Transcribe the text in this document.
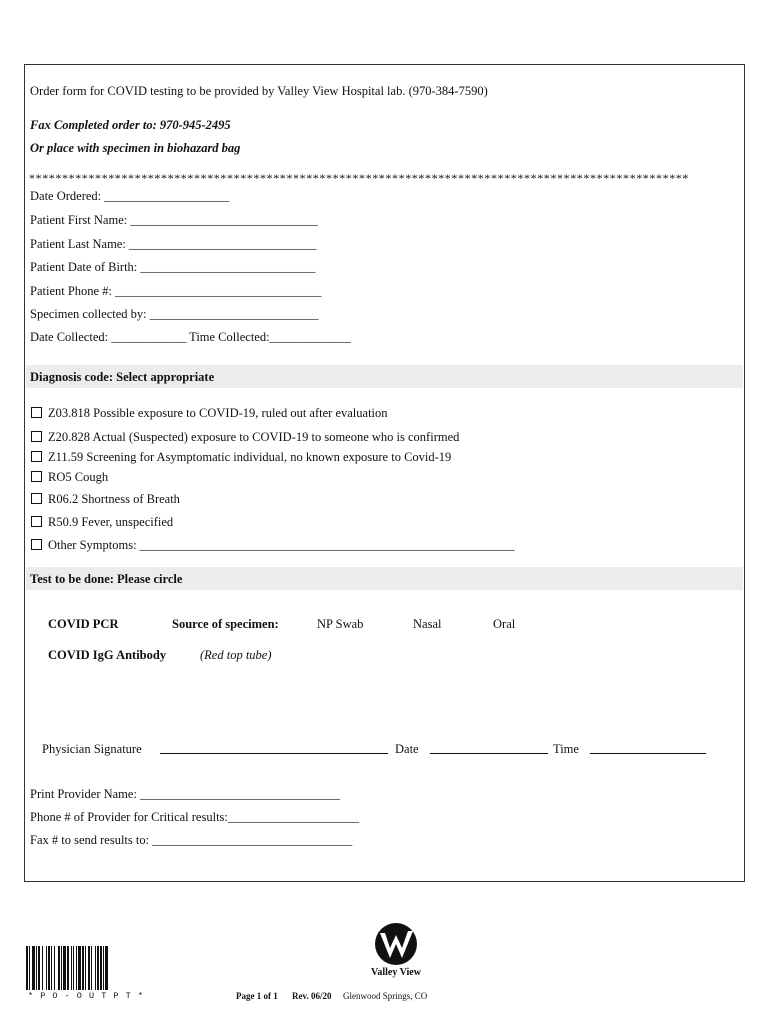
Order form for COVID testing to be provided by Valley View Hospital lab. (970-384-7590)
Fax Completed order to: 970-945-2495
Or place with specimen in biohazard bag
****************************************************************************************************
Date Ordered: ____________________
Patient First Name: ______________________________
Patient Last Name: ______________________________
Patient Date of Birth: ____________________________
Patient Phone #: _________________________________
Specimen collected by: ___________________________
Date Collected: ____________ Time Collected:_____________
Diagnosis code: Select appropriate
Z03.818 Possible exposure to COVID-19, ruled out after evaluation
Z20.828 Actual (Suspected) exposure to COVID-19 to someone who is confirmed
Z11.59 Screening for Asymptomatic individual, no known exposure to Covid-19
RO5 Cough
R06.2 Shortness of Breath
R50.9 Fever, unspecified
Other Symptoms: ____________________________________________________________
Test to be done: Please circle
COVID PCR	Source of specimen:	NP Swab	Nasal	Oral
COVID IgG Antibody	(Red top tube)
Physician Signature	Date	Time
Print Provider Name: ________________________________
Phone # of Provider for Critical results:_____________________
Fax # to send results to: ________________________________
* P O - O U T P T *
Valley View
Page 1 of 1 Rev. 06/20 Glenwood Springs, CO
